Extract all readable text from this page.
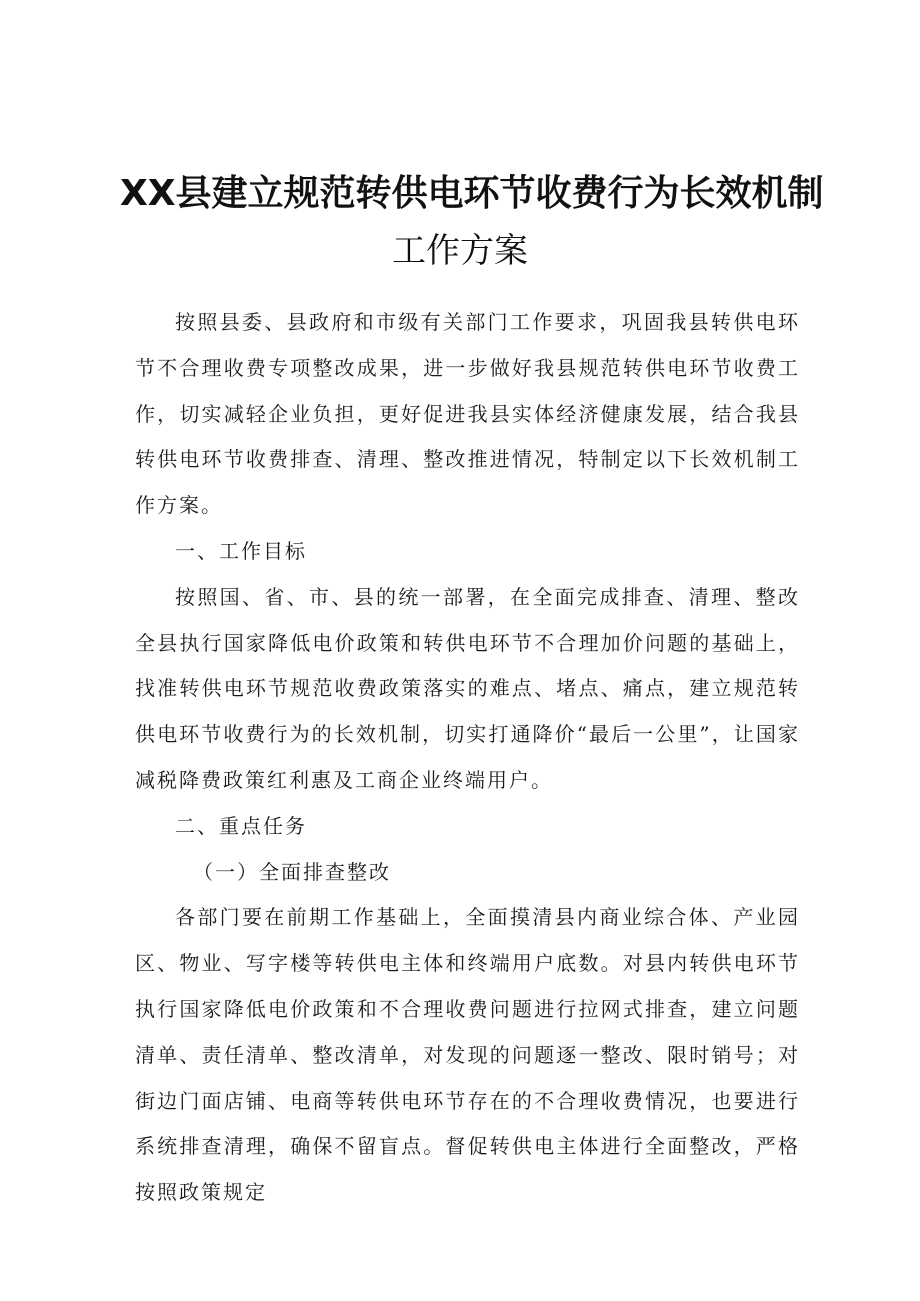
XX县建立规范转供电环节收费行为长效机制
工作方案

按照县委、县政府和市级有关部门工作要求，巩固我县转供电环节不合理收费专项整改成果，进一步做好我县规范转供电环节收费工作，切实减轻企业负担，更好促进我县实体经济健康发展，结合我县转供电环节收费排查、清理、整改推进情况，特制定以下长效机制工作方案。

一、工作目标

按照国、省、市、县的统一部署，在全面完成排查、清理、整改全县执行国家降低电价政策和转供电环节不合理加价问题的基础上，找准转供电环节规范收费政策落实的难点、堵点、痛点，建立规范转供电环节收费行为的长效机制，切实打通降价“最后一公里”，让国家减税降费政策红利惠及工商企业终端用户。

二、重点任务

（一）全面排查整改

各部门要在前期工作基础上，全面摸清县内商业综合体、产业园区、物业、写字楼等转供电主体和终端用户底数。对县内转供电环节执行国家降低电价政策和不合理收费问题进行拉网式排查，建立问题清单、责任清单、整改清单，对发现的问题逐一整改、限时销号；对街边门面店铺、电商等转供电环节存在的不合理收费情况，也要进行系统排查清理，确保不留盲点。督促转供电主体进行全面整改，严格按照政策规定
